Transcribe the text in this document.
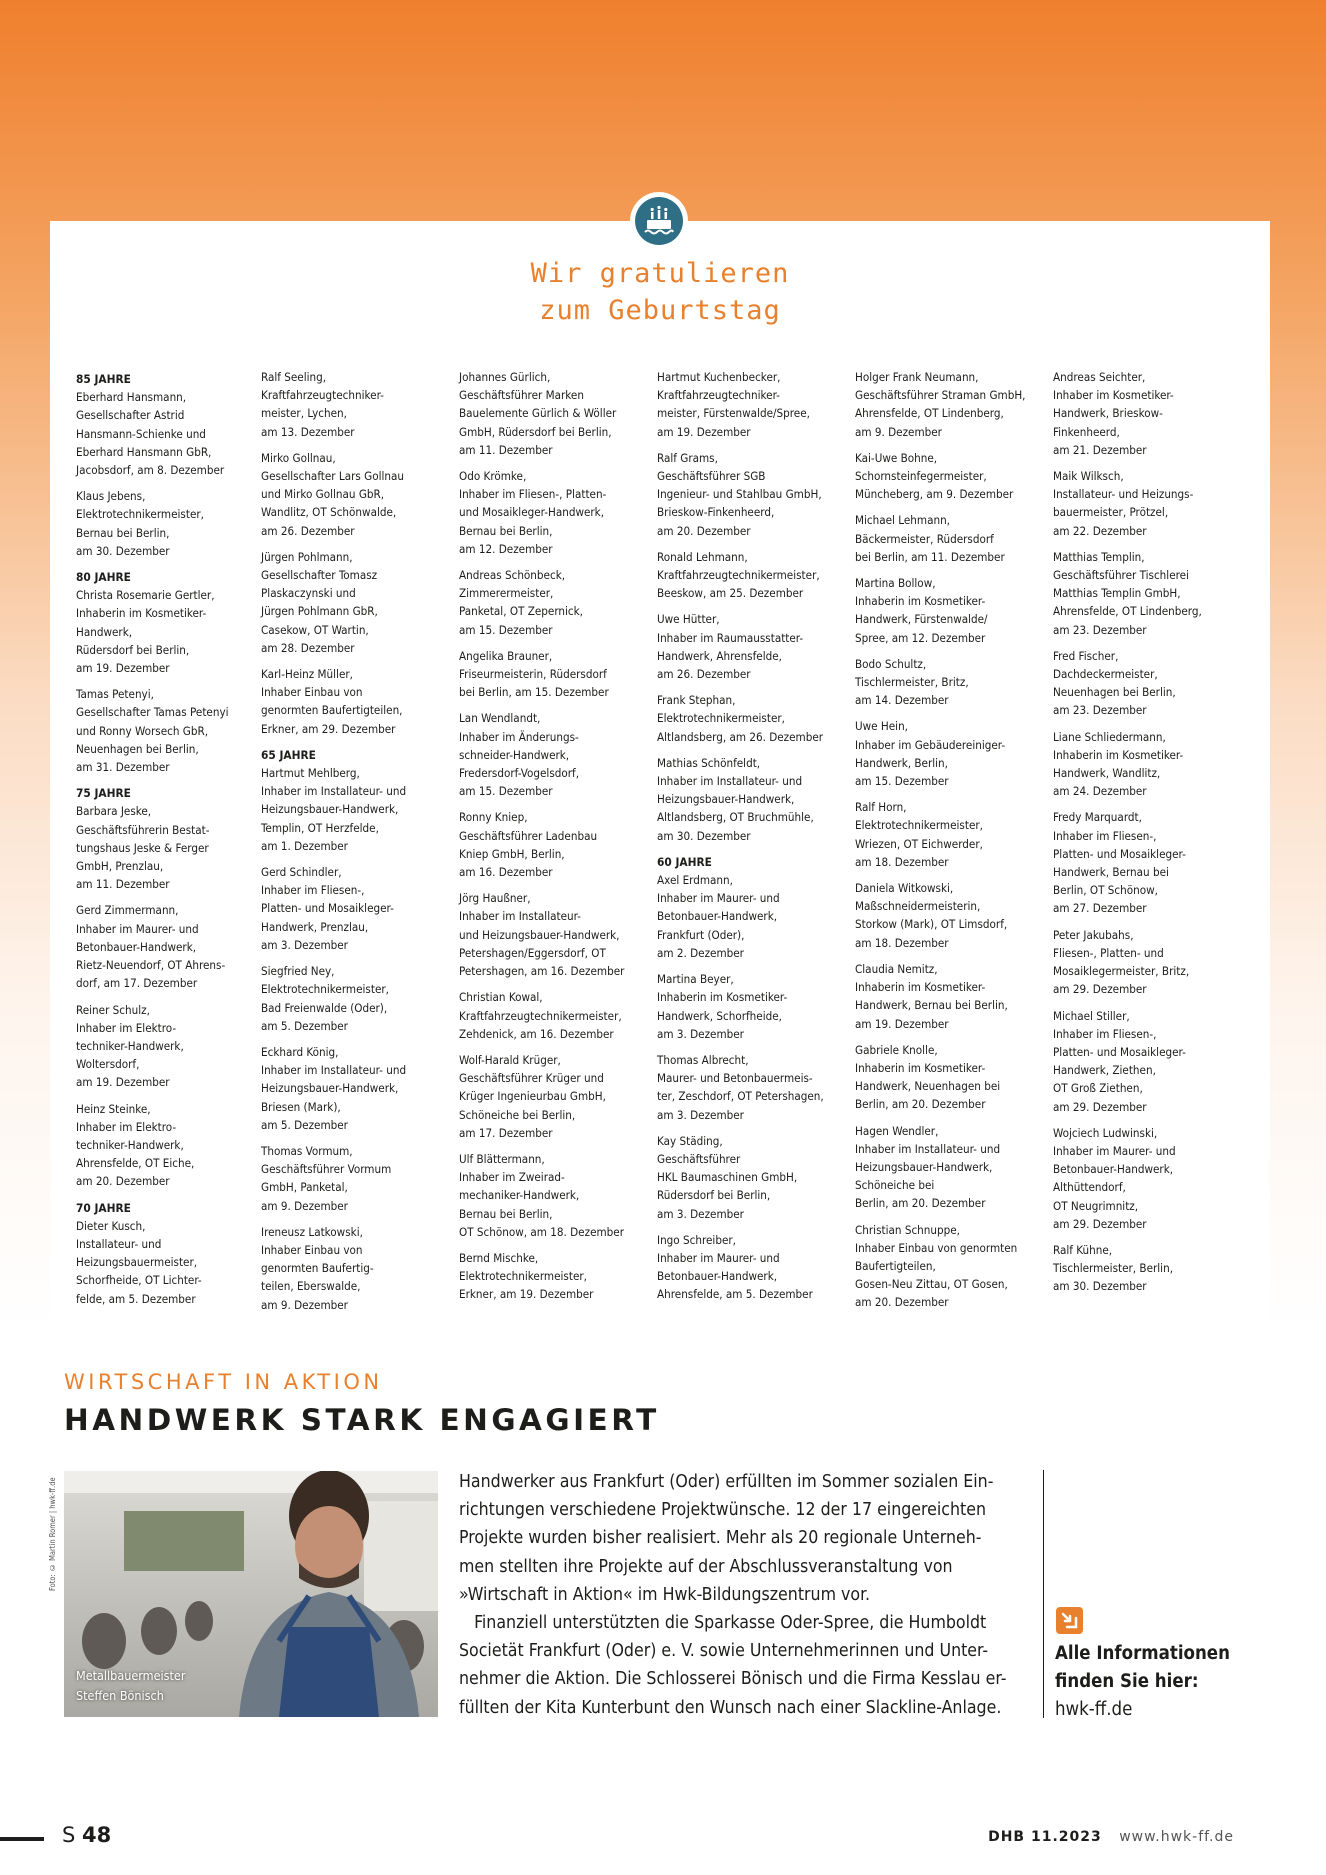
Wir gratulieren
zum Geburtstag
85 JAHRE
Eberhard Hansmann,
Gesellschafter Astrid
Hansmann-Schienke und
Eberhard Hansmann GbR,
Jacobsdorf, am 8. Dezember
Klaus Jebens,
Elektrotechnikermeister,
Bernau bei Berlin,
am 30. Dezember
80 JAHRE
Christa Rosemarie Gertler,
Inhaberin im Kosmetiker-
Handwerk,
Rüdersdorf bei Berlin,
am 19. Dezember
Tamas Petenyi,
Gesellschafter Tamas Petenyi
und Ronny Worsech GbR,
Neuenhagen bei Berlin,
am 31. Dezember
75 JAHRE
Barbara Jeske,
Geschäftsführerin Bestat-
tungshaus Jeske & Ferger
GmbH, Prenzlau,
am 11. Dezember
Gerd Zimmermann,
Inhaber im Maurer- und
Betonbauer-Handwerk,
Rietz-Neuendorf, OT Ahrens-
dorf, am 17. Dezember
Reiner Schulz,
Inhaber im Elektro-
techniker-Handwerk,
Woltersdorf,
am 19. Dezember
Heinz Steinke,
Inhaber im Elektro-
techniker-Handwerk,
Ahrensfelde, OT Eiche,
am 20. Dezember
70 JAHRE
Dieter Kusch,
Installateur- und
Heizungsbauermeister,
Schorfheide, OT Lichter-
felde, am 5. Dezember
Ralf Seeling,
Kraftfahrzeugtechniker-
meister, Lychen,
am 13. Dezember
Mirko Gollnau,
Gesellschafter Lars Gollnau
und Mirko Gollnau GbR,
Wandlitz, OT Schönwalde,
am 26. Dezember
Jürgen Pohlmann,
Gesellschafter Tomasz
Plaskaczynski und
Jürgen Pohlmann GbR,
Casekow, OT Wartin,
am 28. Dezember
Karl-Heinz Müller,
Inhaber Einbau von
genormten Baufertigteilen,
Erkner, am 29. Dezember
65 JAHRE
Hartmut Mehlberg,
Inhaber im Installateur- und
Heizungsbauer-Handwerk,
Templin, OT Herzfelde,
am 1. Dezember
Gerd Schindler,
Inhaber im Fliesen-,
Platten- und Mosaikleger-
Handwerk, Prenzlau,
am 3. Dezember
Siegfried Ney,
Elektrotechnikermeister,
Bad Freienwalde (Oder),
am 5. Dezember
Eckhard König,
Inhaber im Installateur- und
Heizungsbauer-Handwerk,
Briesen (Mark),
am 5. Dezember
Thomas Vormum,
Geschäftsführer Vormum
GmbH, Panketal,
am 9. Dezember
Ireneusz Latkowski,
Inhaber Einbau von
genormten Baufertig-
teilen, Eberswalde,
am 9. Dezember
Johannes Gürlich,
Geschäftsführer Marken
Bauelemente Gürlich & Wöller
GmbH, Rüdersdorf bei Berlin,
am 11. Dezember
Odo Krömke,
Inhaber im Fliesen-, Platten-
und Mosaikleger-Handwerk,
Bernau bei Berlin,
am 12. Dezember
Andreas Schönbeck,
Zimmerermeister,
Panketal, OT Zepernick,
am 15. Dezember
Angelika Brauner,
Friseurmeisterin, Rüdersdorf
bei Berlin, am 15. Dezember
Lan Wendlandt,
Inhaber im Änderungs-
schneider-Handwerk,
Fredersdorf-Vogelsdorf,
am 15. Dezember
Ronny Kniep,
Geschäftsführer Ladenbau
Kniep GmbH, Berlin,
am 16. Dezember
Jörg Haußner,
Inhaber im Installateur-
und Heizungsbauer-Handwerk,
Petershagen/Eggersdorf, OT
Petershagen, am 16. Dezember
Christian Kowal,
Kraftfahrzeugtechnikermeister,
Zehdenick, am 16. Dezember
Wolf-Harald Krüger,
Geschäftsführer Krüger und
Krüger Ingenieurbau GmbH,
Schöneiche bei Berlin,
am 17. Dezember
Ulf Blättermann,
Inhaber im Zweirad-
mechaniker-Handwerk,
Bernau bei Berlin,
OT Schönow, am 18. Dezember
Bernd Mischke,
Elektrotechnikermeister,
Erkner, am 19. Dezember
Hartmut Kuchenbecker,
Kraftfahrzeugtechniker-
meister, Fürstenwalde/Spree,
am 19. Dezember
Ralf Grams,
Geschäftsführer SGB
Ingenieur- und Stahlbau GmbH,
Brieskow-Finkenheerd,
am 20. Dezember
Ronald Lehmann,
Kraftfahrzeugtechnikermeister,
Beeskow, am 25. Dezember
Uwe Hütter,
Inhaber im Raumausstatter-
Handwerk, Ahrensfelde,
am 26. Dezember
Frank Stephan,
Elektrotechnikermeister,
Altlandsberg, am 26. Dezember
Mathias Schönfeldt,
Inhaber im Installateur- und
Heizungsbauer-Handwerk,
Altlandsberg, OT Bruchmühle,
am 30. Dezember
60 JAHRE
Axel Erdmann,
Inhaber im Maurer- und
Betonbauer-Handwerk,
Frankfurt (Oder),
am 2. Dezember
Martina Beyer,
Inhaberin im Kosmetiker-
Handwerk, Schorfheide,
am 3. Dezember
Thomas Albrecht,
Maurer- und Betonbauermeis-
ter, Zeschdorf, OT Petershagen,
am 3. Dezember
Kay Städing,
Geschäftsführer
HKL Baumaschinen GmbH,
Rüdersdorf bei Berlin,
am 3. Dezember
Ingo Schreiber,
Inhaber im Maurer- und
Betonbauer-Handwerk,
Ahrensfelde, am 5. Dezember
Holger Frank Neumann,
Geschäftsführer Straman GmbH,
Ahrensfelde, OT Lindenberg,
am 9. Dezember
Kai-Uwe Bohne,
Schornsteinfegermeister,
Müncheberg, am 9. Dezember
Michael Lehmann,
Bäckermeister, Rüdersdorf
bei Berlin, am 11. Dezember
Martina Bollow,
Inhaberin im Kosmetiker-
Handwerk, Fürstenwalde/
Spree, am 12. Dezember
Bodo Schultz,
Tischlermeister, Britz,
am 14. Dezember
Uwe Hein,
Inhaber im Gebäudereiniger-
Handwerk, Berlin,
am 15. Dezember
Ralf Horn,
Elektrotechnikermeister,
Wriezen, OT Eichwerder,
am 18. Dezember
Daniela Witkowski,
Maßschneidermeisterin,
Storkow (Mark), OT Limsdorf,
am 18. Dezember
Claudia Nemitz,
Inhaberin im Kosmetiker-
Handwerk, Bernau bei Berlin,
am 19. Dezember
Gabriele Knolle,
Inhaberin im Kosmetiker-
Handwerk, Neuenhagen bei
Berlin, am 20. Dezember
Hagen Wendler,
Inhaber im Installateur- und
Heizungsbauer-Handwerk,
Schöneiche bei
Berlin, am 20. Dezember
Christian Schnuppe,
Inhaber Einbau von genormten
Baufertigteilen,
Gosen-Neu Zittau, OT Gosen,
am 20. Dezember
Andreas Seichter,
Inhaber im Kosmetiker-
Handwerk, Brieskow-
Finkenheerd,
am 21. Dezember
Maik Wilksch,
Installateur- und Heizungs-
bauermeister, Prötzel,
am 22. Dezember
Matthias Templin,
Geschäftsführer Tischlerei
Matthias Templin GmbH,
Ahrensfelde, OT Lindenberg,
am 23. Dezember
Fred Fischer,
Dachdeckermeister,
Neuenhagen bei Berlin,
am 23. Dezember
Liane Schliedermann,
Inhaberin im Kosmetiker-
Handwerk, Wandlitz,
am 24. Dezember
Fredy Marquardt,
Inhaber im Fliesen-,
Platten- und Mosaikleger-
Handwerk, Bernau bei
Berlin, OT Schönow,
am 27. Dezember
Peter Jakubahs,
Fliesen-, Platten- und
Mosaiklegermeister, Britz,
am 29. Dezember
Michael Stiller,
Inhaber im Fliesen-,
Platten- und Mosaikleger-
Handwerk, Ziethen,
OT Groß Ziethen,
am 29. Dezember
Wojciech Ludwinski,
Inhaber im Maurer- und
Betonbauer-Handwerk,
Althüttendorf,
OT Neugrimnitz,
am 29. Dezember
Ralf Kühne,
Tischlermeister, Berlin,
am 30. Dezember
WIRTSCHAFT IN AKTION
HANDWERK STARK ENGAGIERT
Foto: © Martin Romer | hwk-ff.de
Metallbauermeister
Steffen Bönisch
Handwerker aus Frankfurt (Oder) erfüllten im Sommer sozialen Ein-
richtungen verschiedene Projektwünsche. 12 der 17 eingereichten
Projekte wurden bisher realisiert. Mehr als 20 regionale Unterneh-
men stellten ihre Projekte auf der Abschlussveranstaltung von
»Wirtschaft in Aktion« im Hwk-Bildungszentrum vor.
Finanziell unterstützten die Sparkasse Oder-Spree, die Humboldt
Societät Frankfurt (Oder) e. V. sowie Unternehmerinnen und Unter-
nehmer die Aktion. Die Schlosserei Bönisch und die Firma Kesslau er-
füllten der Kita Kunterbunt den Wunsch nach einer Slackline-Anlage.
Alle Informationen
finden Sie hier:
hwk-ff.de
S 48	DHB 11.2023 www.hwk-ff.de
